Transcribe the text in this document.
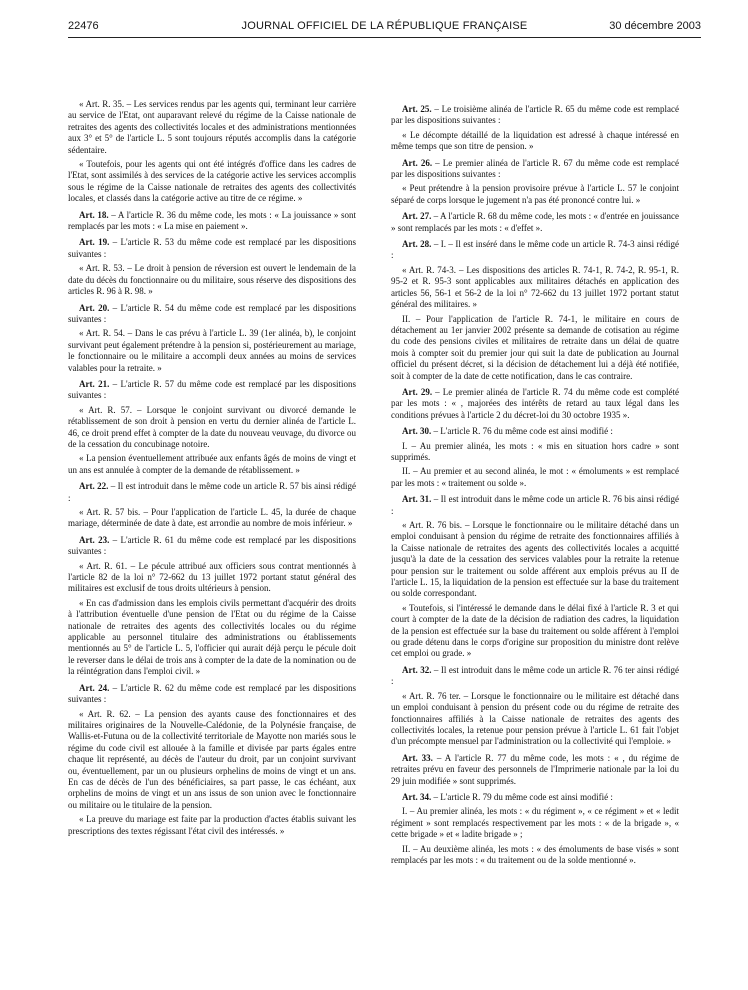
22476	JOURNAL OFFICIEL DE LA RÉPUBLIQUE FRANÇAISE	30 décembre 2003

« Art. R. 35. – Les services rendus par les agents qui, terminant leur carrière au service de l'Etat, ont auparavant relevé du régime de la Caisse nationale de retraites des agents des collectivités locales et des administrations mentionnées aux 3° et 5° de l'article L. 5 sont toujours réputés accomplis dans la catégorie sédentaire.

« Toutefois, pour les agents qui ont été intégrés d'office dans les cadres de l'Etat, sont assimilés à des services de la catégorie active les services accomplis sous le régime de la Caisse nationale de retraites des agents des collectivités locales, et classés dans la catégorie active au titre de ce régime. »

Art. 18. – A l'article R. 36 du même code, les mots : « La jouissance » sont remplacés par les mots : « La mise en paiement ».

Art. 19. – L'article R. 53 du même code est remplacé par les dispositions suivantes :

« Art. R. 53. – Le droit à pension de réversion est ouvert le lendemain de la date du décès du fonctionnaire ou du militaire, sous réserve des dispositions des articles R. 96 à R. 98. »

Art. 20. – L'article R. 54 du même code est remplacé par les dispositions suivantes :

« Art. R. 54. – Dans le cas prévu à l'article L. 39 (1er alinéa, b), le conjoint survivant peut également prétendre à la pension si, postérieurement au mariage, le fonctionnaire ou le militaire a accompli deux années au moins de services valables pour la retraite. »

Art. 21. – L'article R. 57 du même code est remplacé par les dispositions suivantes :

« Art. R. 57. – Lorsque le conjoint survivant ou divorcé demande le rétablissement de son droit à pension en vertu du dernier alinéa de l'article L. 46, ce droit prend effet à compter de la date du nouveau veuvage, du divorce ou de la cessation du concubinage notoire.

« La pension éventuellement attribuée aux enfants âgés de moins de vingt et un ans est annulée à compter de la demande de rétablissement. »

Art. 22. – Il est introduit dans le même code un article R. 57 bis ainsi rédigé :

« Art. R. 57 bis. – Pour l'application de l'article L. 45, la durée de chaque mariage, déterminée de date à date, est arrondie au nombre de mois inférieur. »

Art. 23. – L'article R. 61 du même code est remplacé par les dispositions suivantes :

« Art. R. 61. – Le pécule attribué aux officiers sous contrat mentionnés à l'article 82 de la loi n° 72-662 du 13 juillet 1972 portant statut général des militaires est exclusif de tous droits ultérieurs à pension.

« En cas d'admission dans les emplois civils permettant d'acquérir des droits à l'attribution éventuelle d'une pension de l'Etat ou du régime de la Caisse nationale de retraites des agents des collectivités locales ou du régime applicable au personnel titulaire des administrations ou établissements mentionnés au 5° de l'article L. 5, l'officier qui aurait déjà perçu le pécule doit le reverser dans le délai de trois ans à compter de la date de la nomination ou de la réintégration dans l'emploi civil. »

Art. 24. – L'article R. 62 du même code est remplacé par les dispositions suivantes :

« Art. R. 62. – La pension des ayants cause des fonctionnaires et des militaires originaires de la Nouvelle-Calédonie, de la Polynésie française, de Wallis-et-Futuna ou de la collectivité territoriale de Mayotte non mariés sous le régime du code civil est allouée à la famille et divisée par parts égales entre chaque lit représenté, au décès de l'auteur du droit, par un conjoint survivant ou, éventuellement, par un ou plusieurs orphelins de moins de vingt et un ans. En cas de décès de l'un des bénéficiaires, sa part passe, le cas échéant, aux orphelins de moins de vingt et un ans issus de son union avec le fonctionnaire ou militaire ou le titulaire de la pension.

« La preuve du mariage est faite par la production d'actes établis suivant les prescriptions des textes régissant l'état civil des intéressés. »

Art. 25. – Le troisième alinéa de l'article R. 65 du même code est remplacé par les dispositions suivantes :

« Le décompte détaillé de la liquidation est adressé à chaque intéressé en même temps que son titre de pension. »

Art. 26. – Le premier alinéa de l'article R. 67 du même code est remplacé par les dispositions suivantes :

« Peut prétendre à la pension provisoire prévue à l'article L. 57 le conjoint séparé de corps lorsque le jugement n'a pas été prononcé contre lui. »

Art. 27. – A l'article R. 68 du même code, les mots : « d'entrée en jouissance » sont remplacés par les mots : « d'effet ».

Art. 28. – I. – Il est inséré dans le même code un article R. 74-3 ainsi rédigé :

« Art. R. 74-3. – Les dispositions des articles R. 74-1, R. 74-2, R. 95-1, R. 95-2 et R. 95-3 sont applicables aux militaires détachés en application des articles 56, 56-1 et 56-2 de la loi n° 72-662 du 13 juillet 1972 portant statut général des militaires. »

II. – Pour l'application de l'article R. 74-1, le militaire en cours de détachement au 1er janvier 2002 présente sa demande de cotisation au régime du code des pensions civiles et militaires de retraite dans un délai de quatre mois à compter soit du premier jour qui suit la date de publication au Journal officiel du présent décret, si la décision de détachement lui a déjà été notifiée, soit à compter de la date de cette notification, dans le cas contraire.

Art. 29. – Le premier alinéa de l'article R. 74 du même code est complété par les mots : « , majorées des intérêts de retard au taux légal dans les conditions prévues à l'article 2 du décret-loi du 30 octobre 1935 ».

Art. 30. – L'article R. 76 du même code est ainsi modifié :

I. – Au premier alinéa, les mots : « mis en situation hors cadre » sont supprimés.

II. – Au premier et au second alinéa, le mot : « émoluments » est remplacé par les mots : « traitement ou solde ».

Art. 31. – Il est introduit dans le même code un article R. 76 bis ainsi rédigé :

« Art. R. 76 bis. – Lorsque le fonctionnaire ou le militaire détaché dans un emploi conduisant à pension du régime de retraite des fonctionnaires affiliés à la Caisse nationale de retraites des agents des collectivités locales a acquitté jusqu'à la date de la cessation des services valables pour la retraite la retenue pour pension sur le traitement ou solde afférent aux emplois prévus au II de l'article L. 15, la liquidation de la pension est effectuée sur la base du traitement ou solde correspondant.

« Toutefois, si l'intéressé le demande dans le délai fixé à l'article R. 3 et qui court à compter de la date de la décision de radiation des cadres, la liquidation de la pension est effectuée sur la base du traitement ou solde afférent à l'emploi ou grade détenu dans le corps d'origine sur proposition du ministre dont relève cet emploi ou grade. »

Art. 32. – Il est introduit dans le même code un article R. 76 ter ainsi rédigé :

« Art. R. 76 ter. – Lorsque le fonctionnaire ou le militaire est détaché dans un emploi conduisant à pension du présent code ou du régime de retraite des fonctionnaires affiliés à la Caisse nationale de retraites des agents des collectivités locales, la retenue pour pension prévue à l'article L. 61 fait l'objet d'un précompte mensuel par l'administration ou la collectivité qui l'emploie. »

Art. 33. – A l'article R. 77 du même code, les mots : « , du régime de retraites prévu en faveur des personnels de l'Imprimerie nationale par la loi du 29 juin modifiée » sont supprimés.

Art. 34. – L'article R. 79 du même code est ainsi modifié :

I. – Au premier alinéa, les mots : « du régiment », « ce régiment » et « ledit régiment » sont remplacés respectivement par les mots : « de la brigade », « cette brigade » et « ladite brigade » ;

II. – Au deuxième alinéa, les mots : « des émoluments de base visés » sont remplacés par les mots : « du traitement ou de la solde mentionné ».
